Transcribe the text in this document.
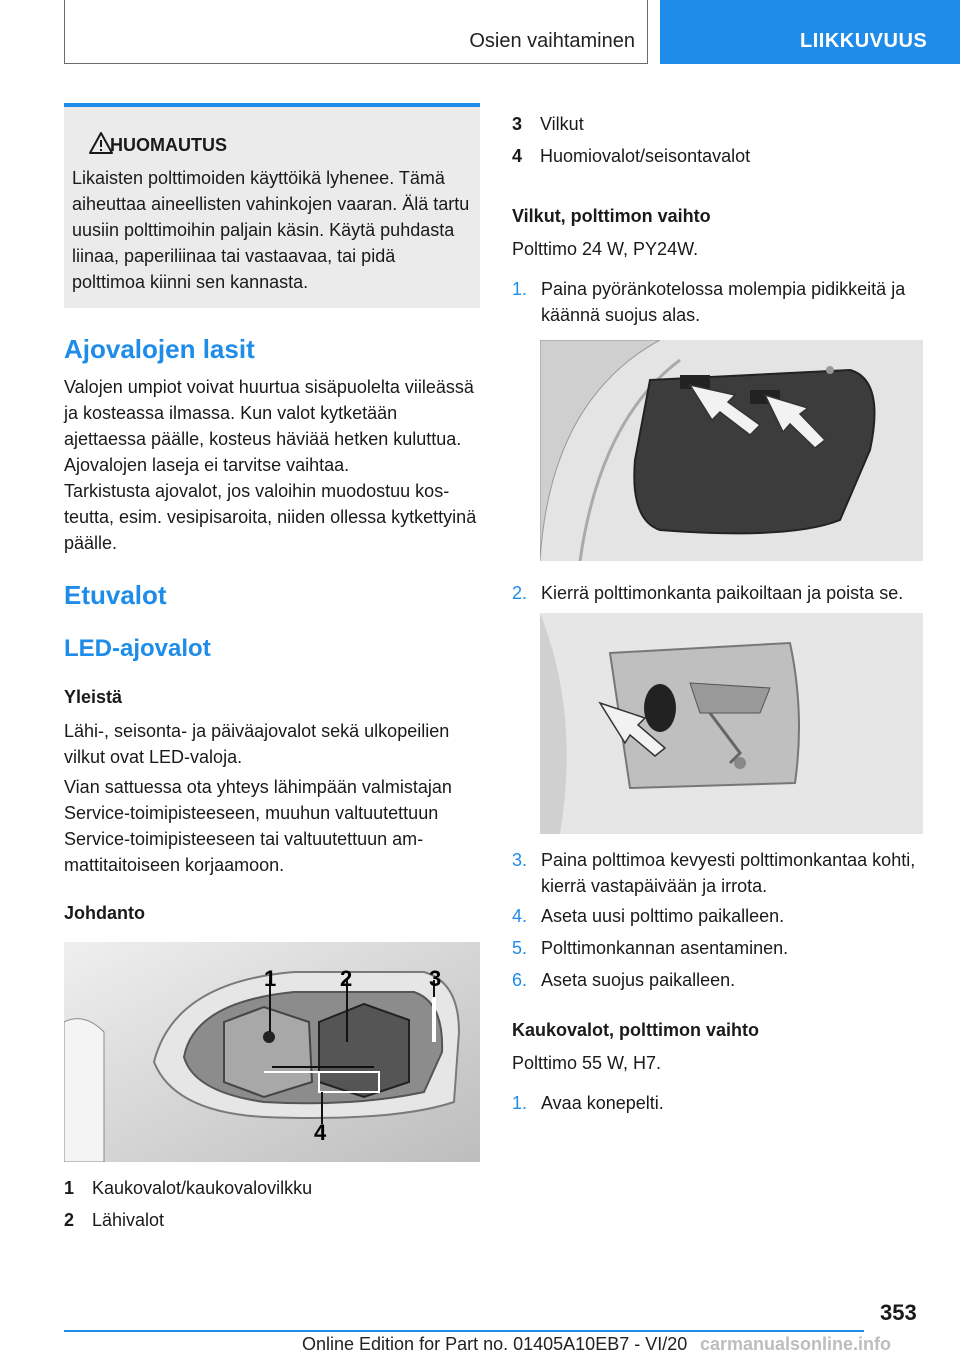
Osien vaihtaminen	LIIKKUVUUS
HUOMAUTUS
Likaisten polttimoiden käyttöikä lyhenee. Tämä aiheuttaa aineellisten vahinkojen vaaran. Älä tartu uusiin polttimoihin paljain käsin. Käytä puhdasta liinaa, paperiliinaa tai vastaavaa, tai pidä polttimoa kiinni sen kannasta.
Ajovalojen lasit

Valojen umpiot voivat huurtua sisäpuolelta viileässä ja kosteassa ilmassa. Kun valot kytketään ajettaessa päälle, kosteus häviää hetken kuluttua. Ajovalojen laseja ei tarvitse vaihtaa.

Tarkistusta ajovalot, jos valoihin muodostuu kosteutta, esim. vesipisaroita, niiden ollessa kytkettyinä päälle.

Etuvalot
LED-ajovalot
Yleistä

Lähi-, seisonta- ja päiväajovalot sekä ulkopeilien vilkut ovat LED-valoja.

Vian sattuessa ota yhteys lähimpään valmistajan Service-toimipisteeseen, muuhun valtuutettuun Service-toimipisteeseen tai valtuutettuun ammattitaitoiseen korjaamoon.

Johdanto
1	2	3
4
1 Kaukovalot/kaukovalovilkku
2 Lähivalot
3 Vilkut
4 Huomiovalot/seisontavalot
Vilkut, polttimon vaihto

Polttimo 24 W, PY24W.

1. Paina pyöränkotelossa molempia pidikkeitä ja käännä suojus alas.
2. Kierrä polttimonkanta paikoiltaan ja poista se.
3. Paina polttimoa kevyesti polttimonkantaa kohti, kierrä vastapäivään ja irrota.
4. Aseta uusi polttimo paikalleen.
5. Polttimonkannan asentaminen.
6. Aseta suojus paikalleen.
Kaukovalot, polttimon vaihto

Polttimo 55 W, H7.

1. Avaa konepelti.
353
Online Edition for Part no. 01405A10EB7 - VI/20 carmanualsonline.info
